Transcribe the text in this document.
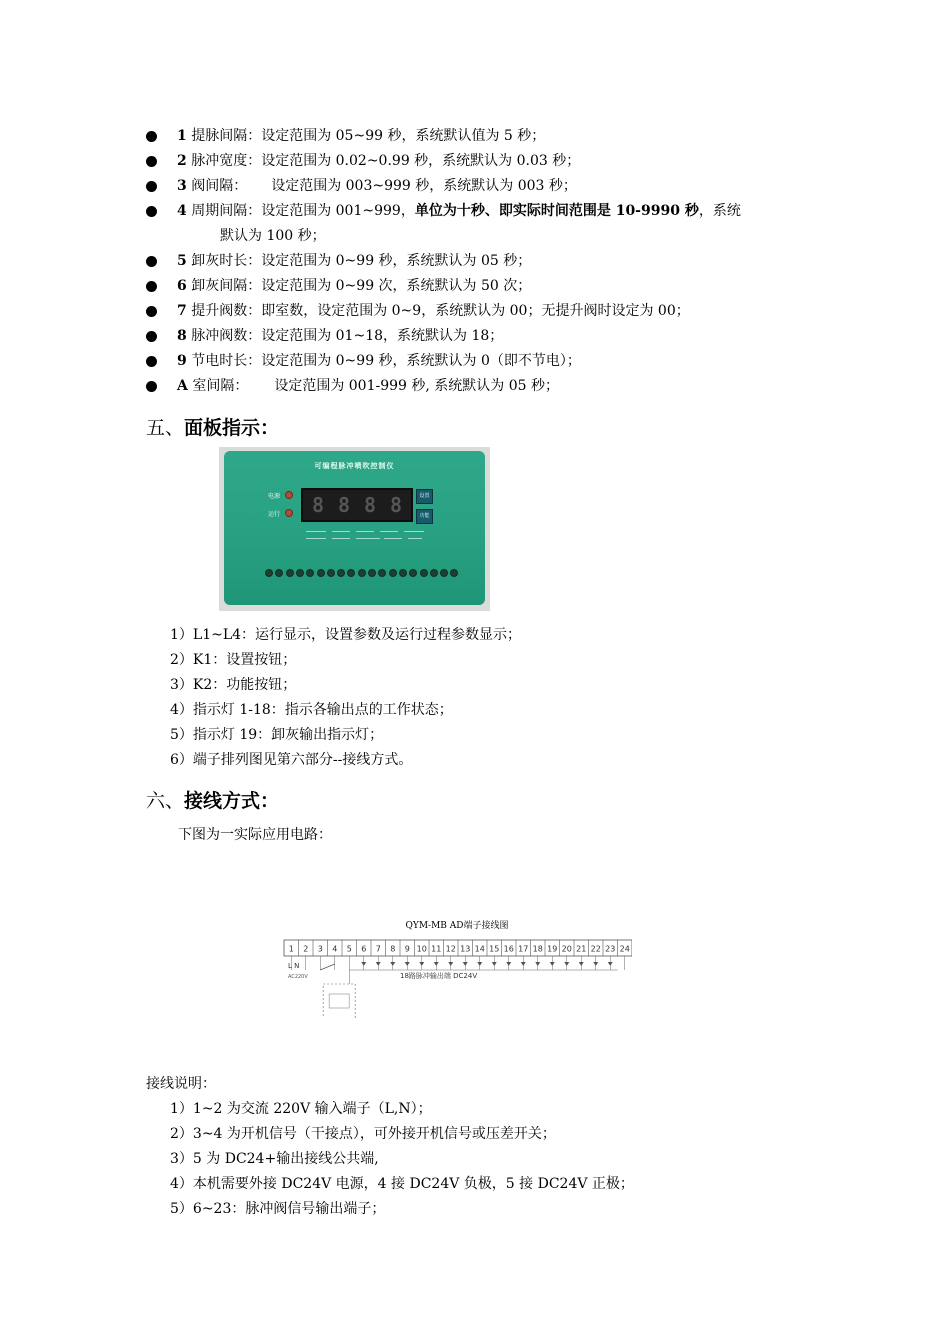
1 提脉间隔：设定范围为 05~99 秒，系统默认值为 5 秒；
2 脉冲宽度：设定范围为 0.02~0.99 秒，系统默认为 0.03 秒；
3 阀间隔： 设定范围为 003~999 秒，系统默认为 003 秒；
4 周期间隔：设定范围为 001~999，单位为十秒、即实际时间范围是 10-9990 秒，系统
默认为 100 秒；
5 卸灰时长：设定范围为 0~99 秒，系统默认为 05 秒；
6 卸灰间隔：设定范围为 0~99 次，系统默认为 50 次；
7 提升阀数：即室数，设定范围为 0~9，系统默认为 00；无提升阀时设定为 00；
8 脉冲阀数：设定范围为 01~18，系统默认为 18；
9 节电时长：设定范围为 0~99 秒，系统默认为 0（即不节电）；
A 室间隔： 设定范围为 001-999 秒, 系统默认为 05 秒；
五、面板指示：
可编程脉冲喷吹控制仪
电源
运行 8 8 8 8	设置
功能
1）L1~L4：运行显示，设置参数及运行过程参数显示；
2）K1：设置按钮；
3）K2：功能按钮；
4）指示灯 1-18：指示各输出点的工作状态；
5）指示灯 19：卸灰输出指示灯；
6）端子排列图见第六部分--接线方式。
六、接线方式：

下图为一实际应用电路：

QYM-MB AD端子接线图
1 2 3 4 5 6 7 8 9 10 11 12 13 14 15 16 17 18 19 20 21 22 23 24
L N
AC220V	18路脉冲输出端 DC24V

接线说明：

1）1~2 为交流 220V 输入端子（L,N）；
2）3~4 为开机信号（干接点），可外接开机信号或压差开关；
3）5 为 DC24+输出接线公共端,
4）本机需要外接 DC24V 电源，4 接 DC24V 负极，5 接 DC24V 正极；
5）6~23：脉冲阀信号输出端子；
